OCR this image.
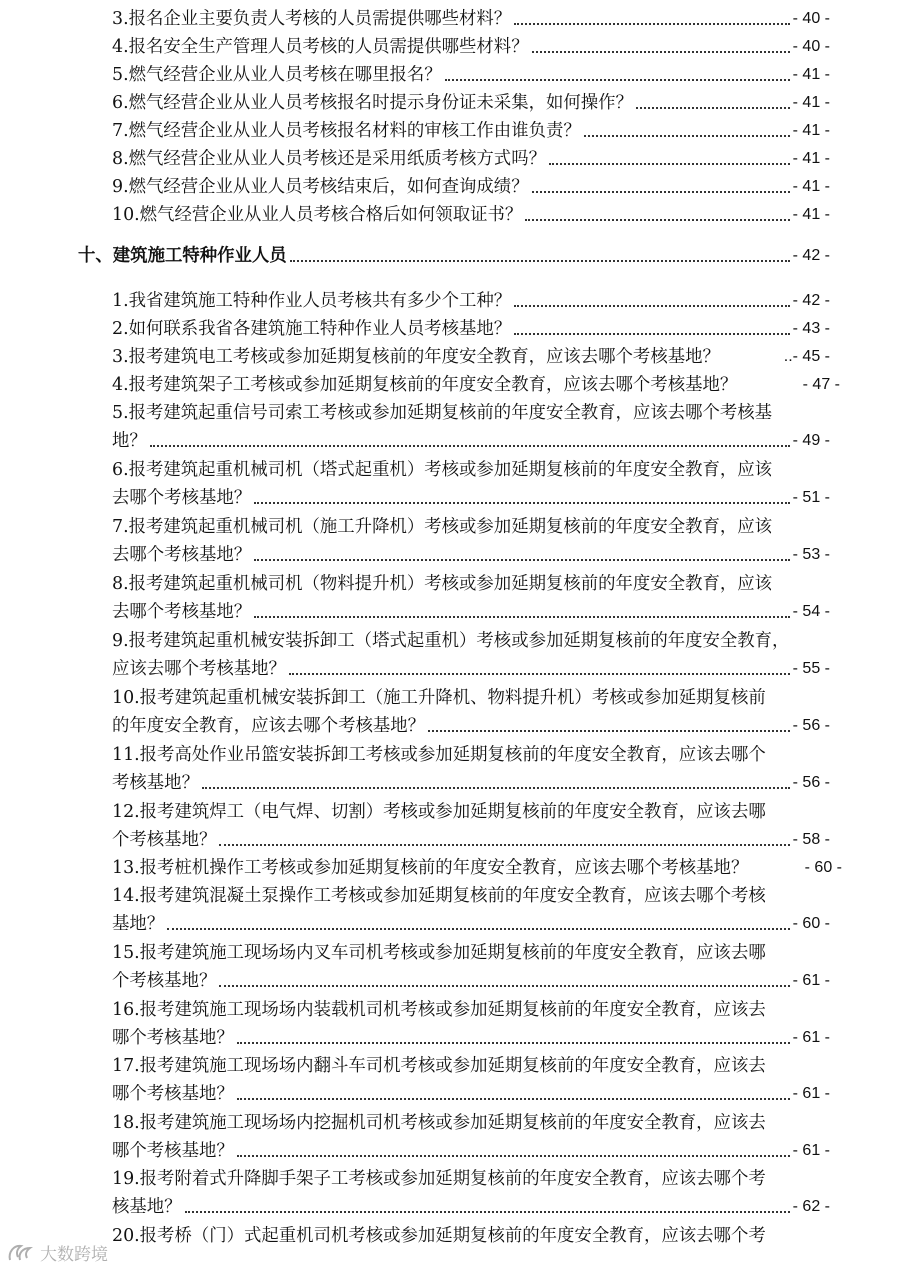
3.报名企业主要负责人考核的人员需提供哪些材料？	- 40 -
4.报名安全生产管理人员考核的人员需提供哪些材料？	- 40 -
5.燃气经营企业从业人员考核在哪里报名？	- 41 -
6.燃气经营企业从业人员考核报名时提示身份证未采集，如何操作？	- 41 -
7.燃气经营企业从业人员考核报名材料的审核工作由谁负责？	- 41 -
8.燃气经营企业从业人员考核还是采用纸质考核方式吗？	- 41 -
9.燃气经营企业从业人员考核结束后，如何查询成绩？	- 41 -
10.燃气经营企业从业人员考核合格后如何领取证书？	- 41 -
十、建筑施工特种作业人员	- 42 -
1.我省建筑施工特种作业人员考核共有多少个工种？	- 42 -
2.如何联系我省各建筑施工特种作业人员考核基地？	- 43 -
3.报考建筑电工考核或参加延期复核前的年度安全教育，应该去哪个考核基地？	..- 45 -
4.报考建筑架子工考核或参加延期复核前的年度安全教育，应该去哪个考核基地？	- 47 -
5.报考建筑起重信号司索工考核或参加延期复核前的年度安全教育，应该去哪个考核基
地？	- 49 -
6.报考建筑起重机械司机（塔式起重机）考核或参加延期复核前的年度安全教育，应该
去哪个考核基地？	- 51 -
7.报考建筑起重机械司机（施工升降机）考核或参加延期复核前的年度安全教育，应该
去哪个考核基地？	- 53 -
8.报考建筑起重机械司机（物料提升机）考核或参加延期复核前的年度安全教育，应该
去哪个考核基地？	- 54 -
9.报考建筑起重机械安装拆卸工（塔式起重机）考核或参加延期复核前的年度安全教育，
应该去哪个考核基地？	- 55 -
10.报考建筑起重机械安装拆卸工（施工升降机、物料提升机）考核或参加延期复核前
的年度安全教育，应该去哪个考核基地？	- 56 -
11.报考高处作业吊篮安装拆卸工考核或参加延期复核前的年度安全教育，应该去哪个
考核基地？	- 56 -
12.报考建筑焊工（电气焊、切割）考核或参加延期复核前的年度安全教育，应该去哪
个考核基地？	- 58 -
13.报考桩机操作工考核或参加延期复核前的年度安全教育，应该去哪个考核基地？	- 60 -
14.报考建筑混凝土泵操作工考核或参加延期复核前的年度安全教育，应该去哪个考核
基地？	- 60 -
15.报考建筑施工现场场内叉车司机考核或参加延期复核前的年度安全教育，应该去哪
个考核基地？	- 61 -
16.报考建筑施工现场场内装载机司机考核或参加延期复核前的年度安全教育，应该去
哪个考核基地？	- 61 -
17.报考建筑施工现场场内翻斗车司机考核或参加延期复核前的年度安全教育，应该去
哪个考核基地？	- 61 -
18.报考建筑施工现场场内挖掘机司机考核或参加延期复核前的年度安全教育，应该去
哪个考核基地？	- 61 -
19.报考附着式升降脚手架子工考核或参加延期复核前的年度安全教育，应该去哪个考
核基地？	- 62 -
20.报考桥（门）式起重机司机考核或参加延期复核前的年度安全教育，应该去哪个考
大数跨境
